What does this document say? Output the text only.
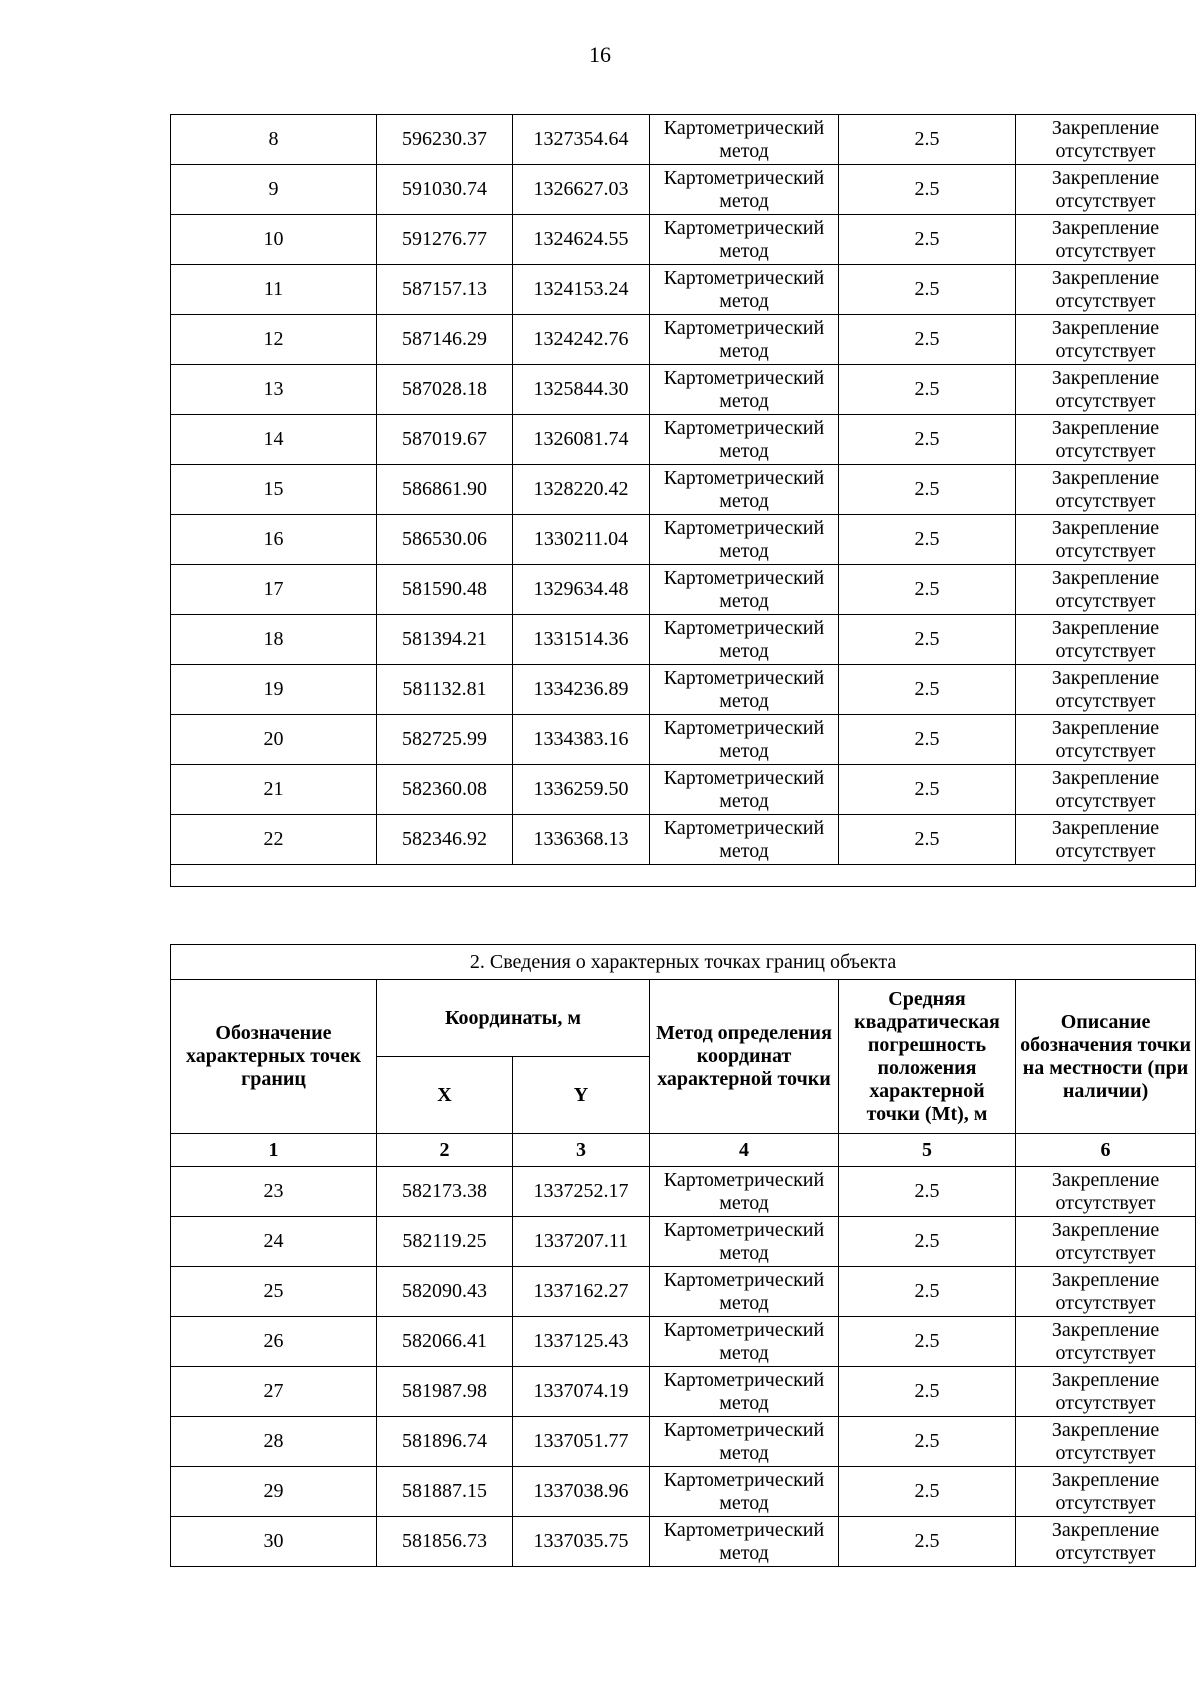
16
8	596230.37	1327354.64	Картометрический метод	2.5	Закрепление отсутствует
9	591030.74	1326627.03	Картометрический метод	2.5	Закрепление отсутствует
10	591276.77	1324624.55	Картометрический метод	2.5	Закрепление отсутствует
11	587157.13	1324153.24	Картометрический метод	2.5	Закрепление отсутствует
12	587146.29	1324242.76	Картометрический метод	2.5	Закрепление отсутствует
13	587028.18	1325844.30	Картометрический метод	2.5	Закрепление отсутствует
14	587019.67	1326081.74	Картометрический метод	2.5	Закрепление отсутствует
15	586861.90	1328220.42	Картометрический метод	2.5	Закрепление отсутствует
16	586530.06	1330211.04	Картометрический метод	2.5	Закрепление отсутствует
17	581590.48	1329634.48	Картометрический метод	2.5	Закрепление отсутствует
18	581394.21	1331514.36	Картометрический метод	2.5	Закрепление отсутствует
19	581132.81	1334236.89	Картометрический метод	2.5	Закрепление отсутствует
20	582725.99	1334383.16	Картометрический метод	2.5	Закрепление отсутствует
21	582360.08	1336259.50	Картометрический метод	2.5	Закрепление отсутствует
22	582346.92	1336368.13	Картометрический метод	2.5	Закрепление отсутствует

2. Сведения о характерных точках границ объекта					
Обозначение характерных точек границ	Координаты, м		Метод определения координат характерной точки	Средняя квадратическая погрешность положения характерной точки (Mt), м	Описание обозначения точки на местности (при наличии)
	X	Y			
1	2	3	4	5	6
23	582173.38	1337252.17	Картометрический метод	2.5	Закрепление отсутствует
24	582119.25	1337207.11	Картометрический метод	2.5	Закрепление отсутствует
25	582090.43	1337162.27	Картометрический метод	2.5	Закрепление отсутствует
26	582066.41	1337125.43	Картометрический метод	2.5	Закрепление отсутствует
27	581987.98	1337074.19	Картометрический метод	2.5	Закрепление отсутствует
28	581896.74	1337051.77	Картометрический метод	2.5	Закрепление отсутствует
29	581887.15	1337038.96	Картометрический метод	2.5	Закрепление отсутствует
30	581856.73	1337035.75	Картометрический метод	2.5	Закрепление отсутствует
